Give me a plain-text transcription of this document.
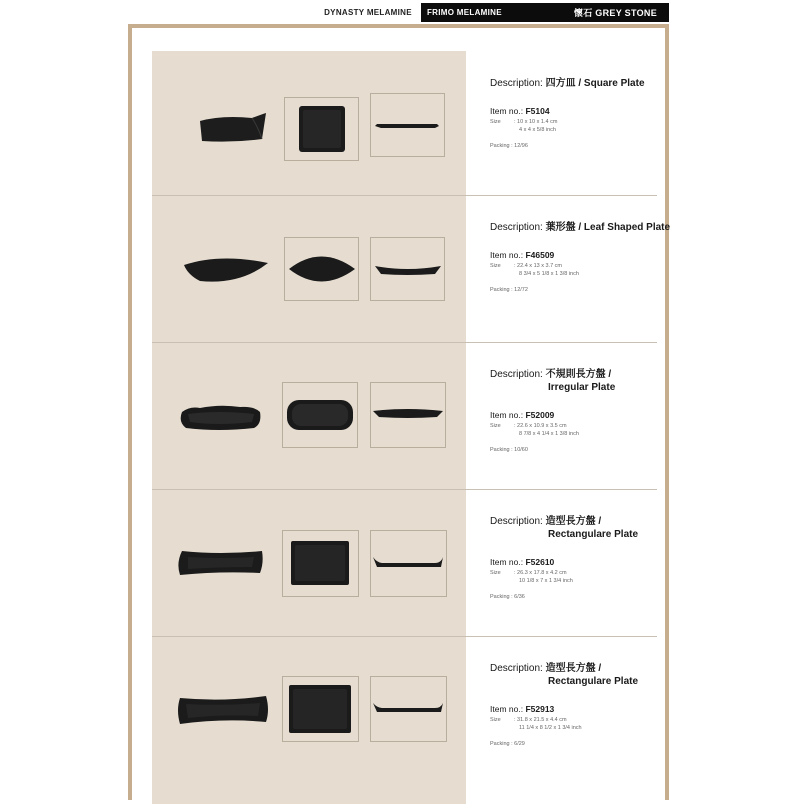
DYNASTY MELAMINE	FRIMO MELAMINE	懷石 GREY STONE
Description: 四方皿 / Square Plate
Item no.: F5104
Size	: 10 x 10 x 1.4 cm
4 x 4 x 5/8 inch
Packing : 12/96
Description: 葉形盤 / Leaf Shaped Plate
Item no.: F46509
Size	: 22.4 x 13 x 3.7 cm
8 3/4 x 5 1/8 x 1 3/8 inch
Packing : 12/72
Description: 不規則長方盤 /
Irregular Plate
Item no.: F52009
Size	: 22.6 x 10.9 x 3.5 cm
8 7/8 x 4 1/4 x 1 3/8 inch
Packing : 10/60
Description: 造型長方盤 /
Rectangulare Plate
Item no.: F52610
Size	: 26.3 x 17.8 x 4.2 cm
10 1/8 x 7 x 1 3/4 inch
Packing : 6/36
Description: 造型長方盤 /
Rectangulare Plate
Item no.: F52913
Size	: 31.8 x 21.5 x 4.4 cm
11 1/4 x 8 1/2 x 1 3/4 inch
Packing : 6/29
